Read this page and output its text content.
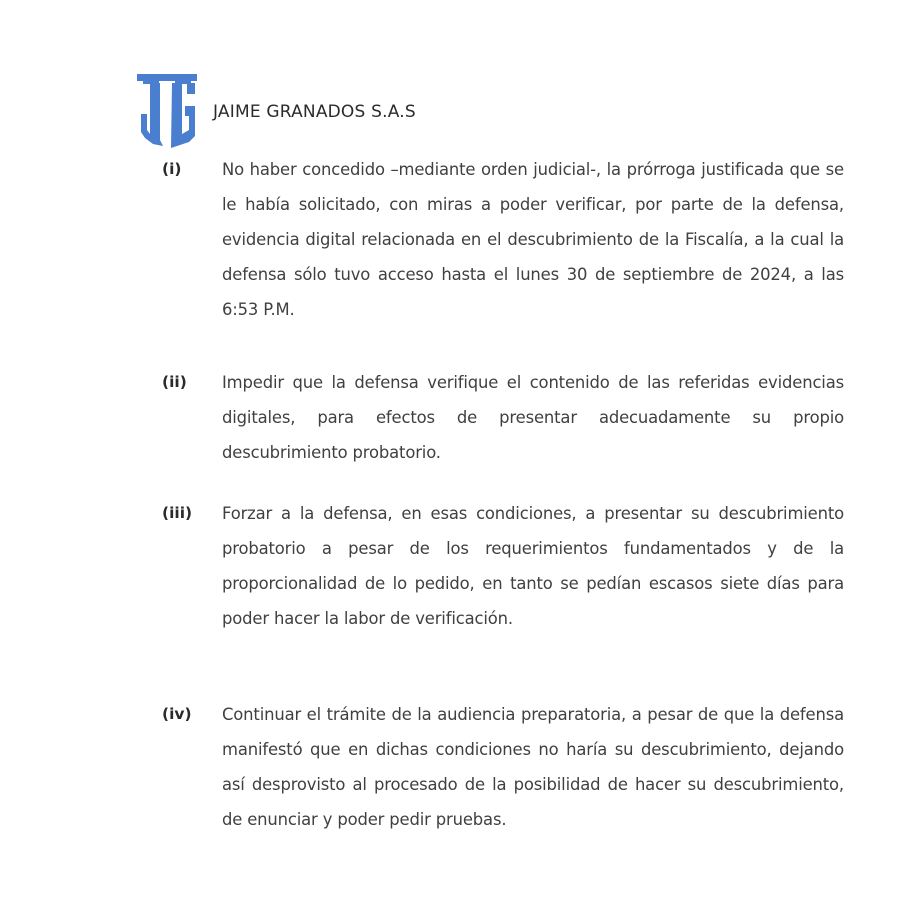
JAIME GRANADOS S.A.S
(i) No haber concedido –mediante orden judicial-, la prórroga justificada que se le había solicitado, con miras a poder verificar, por parte de la defensa, evidencia digital relacionada en el descubrimiento de la Fiscalía, a la cual la defensa sólo tuvo acceso hasta el lunes 30 de septiembre de 2024, a las 6:53 P.M.
(ii) Impedir que la defensa verifique el contenido de las referidas evidencias digitales, para efectos de presentar adecuadamente su propio descubrimiento probatorio.
(iii) Forzar a la defensa, en esas condiciones, a presentar su descubrimiento probatorio a pesar de los requerimientos fundamentados y de la proporcionalidad de lo pedido, en tanto se pedían escasos siete días para poder hacer la labor de verificación.
(iv) Continuar el trámite de la audiencia preparatoria, a pesar de que la defensa manifestó que en dichas condiciones no haría su descubrimiento, dejando así desprovisto al procesado de la posibilidad de hacer su descubrimiento, de enunciar y poder pedir pruebas.
